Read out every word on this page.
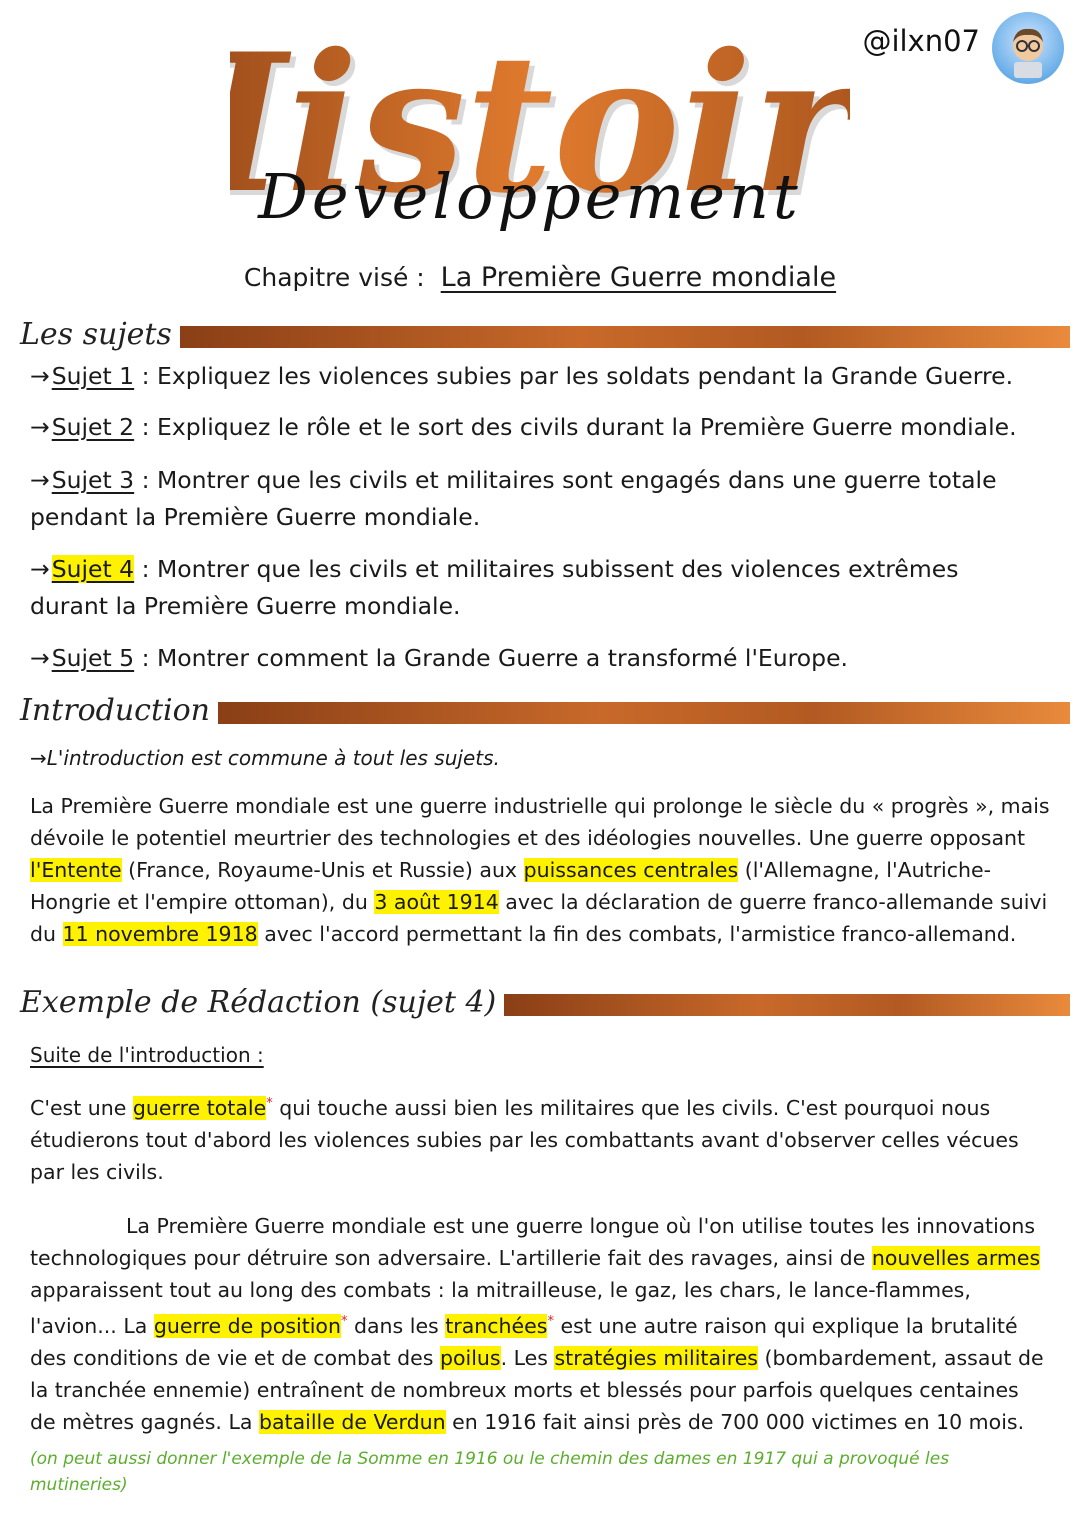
istoir
istoir
Developpement
@ilxn07
Chapitre visé : La Première Guerre mondiale
Les sujets
→Sujet 1 : Expliquez les violences subies par les soldats pendant la Grande Guerre.
→Sujet 2 : Expliquez le rôle et le sort des civils durant la Première Guerre mondiale.
→Sujet 3 : Montrer que les civils et militaires sont engagés dans une guerre totale pendant la Première Guerre mondiale.
→Sujet 4 : Montrer que les civils et militaires subissent des violences extrêmes durant la Première Guerre mondiale.
→Sujet 5 : Montrer comment la Grande Guerre a transformé l'Europe.
Introduction
→L'introduction est commune à tout les sujets.
La Première Guerre mondiale est une guerre industrielle qui prolonge le siècle du « progrès », mais dévoile le potentiel meurtrier des technologies et des idéologies nouvelles. Une guerre opposant l'Entente (France, Royaume-Unis et Russie) aux puissances centrales (l'Allemagne, l'Autriche-Hongrie et l'empire ottoman), du 3 août 1914 avec la déclaration de guerre franco-allemande suivi du 11 novembre 1918 avec l'accord permettant la fin des combats, l'armistice franco-allemand.
Exemple de Rédaction (sujet 4)
Suite de l'introduction :
C'est une guerre totale* qui touche aussi bien les militaires que les civils. C'est pourquoi nous étudierons tout d'abord les violences subies par les combattants avant d'observer celles vécues par les civils.
La Première Guerre mondiale est une guerre longue où l'on utilise toutes les innovations technologiques pour détruire son adversaire. L'artillerie fait des ravages, ainsi de nouvelles armes apparaissent tout au long des combats : la mitrailleuse, le gaz, les chars, le lance-flammes, l'avion... La guerre de position* dans les tranchées* est une autre raison qui explique la brutalité des conditions de vie et de combat des poilus. Les stratégies militaires (bombardement, assaut de la tranchée ennemie) entraînent de nombreux morts et blessés pour parfois quelques centaines de mètres gagnés. La bataille de Verdun en 1916 fait ainsi près de 700 000 victimes en 10 mois.
(on peut aussi donner l'exemple de la Somme en 1916 ou le chemin des dames en 1917 qui a provoqué les mutineries)
